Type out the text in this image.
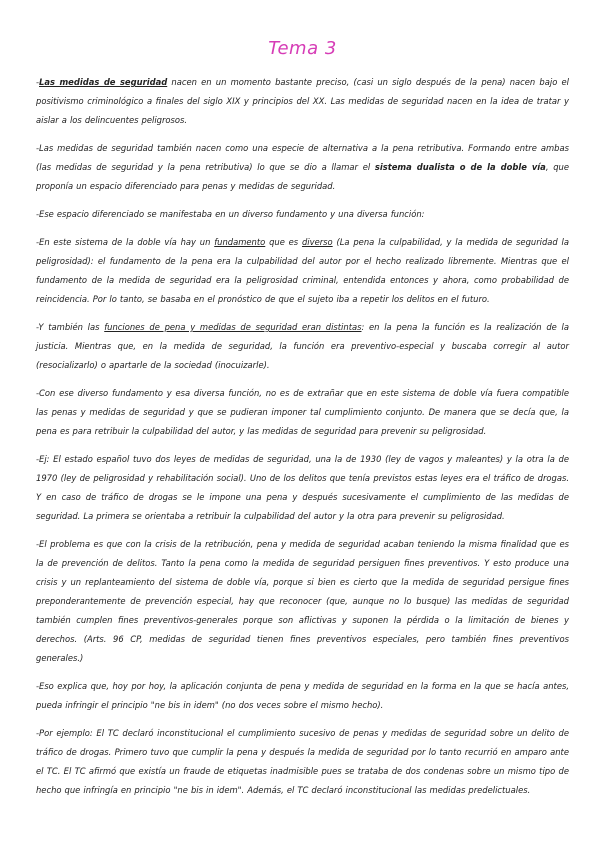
Tema 3

-Las medidas de seguridad nacen en un momento bastante preciso, (casi un siglo después de la pena) nacen bajo el positivismo criminológico a finales del siglo XIX y principios del XX. Las medidas de seguridad nacen en la idea de tratar y aislar a los delincuentes peligrosos.

-Las medidas de seguridad también nacen como una especie de alternativa a la pena retributiva. Formando entre ambas (las medidas de seguridad y la pena retributiva) lo que se dio a llamar el sistema dualista o de la doble vía, que proponía un espacio diferenciado para penas y medidas de seguridad.

-Ese espacio diferenciado se manifestaba en un diverso fundamento y una diversa función:

-En este sistema de la doble vía hay un fundamento que es diverso (La pena la culpabilidad, y la medida de seguridad la peligrosidad): el fundamento de la pena era la culpabilidad del autor por el hecho realizado libremente. Mientras que el fundamento de la medida de seguridad era la peligrosidad criminal, entendida entonces y ahora, como probabilidad de reincidencia. Por lo tanto, se basaba en el pronóstico de que el sujeto iba a repetir los delitos en el futuro.

-Y también las funciones de pena y medidas de seguridad eran distintas: en la pena la función es la realización de la justicia. Mientras que, en la medida de seguridad, la función era preventivo-especial y buscaba corregir al autor (resocializarlo) o apartarle de la sociedad (inocuizarle).

-Con ese diverso fundamento y esa diversa función, no es de extrañar que en este sistema de doble vía fuera compatible las penas y medidas de seguridad y que se pudieran imponer tal cumplimiento conjunto. De manera que se decía que, la pena es para retribuir la culpabilidad del autor, y las medidas de seguridad para prevenir su peligrosidad.

-Ej: El estado español tuvo dos leyes de medidas de seguridad, una la de 1930 (ley de vagos y maleantes) y la otra la de 1970 (ley de peligrosidad y rehabilitación social). Uno de los delitos que tenía previstos estas leyes era el tráfico de drogas. Y en caso de tráfico de drogas se le impone una pena y después sucesivamente el cumplimiento de las medidas de seguridad. La primera se orientaba a retribuir la culpabilidad del autor y la otra para prevenir su peligrosidad.

-El problema es que con la crisis de la retribución, pena y medida de seguridad acaban teniendo la misma finalidad que es la de prevención de delitos. Tanto la pena como la medida de seguridad persiguen fines preventivos. Y esto produce una crisis y un replanteamiento del sistema de doble vía, porque si bien es cierto que la medida de seguridad persigue fines preponderantemente de prevención especial, hay que reconocer (que, aunque no lo busque) las medidas de seguridad también cumplen fines preventivos-generales porque son aflictivas y suponen la pérdida o la limitación de bienes y derechos. (Arts. 96 CP, medidas de seguridad tienen fines preventivos especiales, pero también fines preventivos generales.)

-Eso explica que, hoy por hoy, la aplicación conjunta de pena y medida de seguridad en la forma en la que se hacía antes, pueda infringir el principio "ne bis in idem" (no dos veces sobre el mismo hecho).

-Por ejemplo: El TC declaró inconstitucional el cumplimiento sucesivo de penas y medidas de seguridad sobre un delito de tráfico de drogas. Primero tuvo que cumplir la pena y después la medida de seguridad por lo tanto recurrió en amparo ante el TC. El TC afirmó que existía un fraude de etiquetas inadmisible pues se trataba de dos condenas sobre un mismo tipo de hecho que infringía en principio "ne bis in idem". Además, el TC declaró inconstitucional las medidas predelictuales.
